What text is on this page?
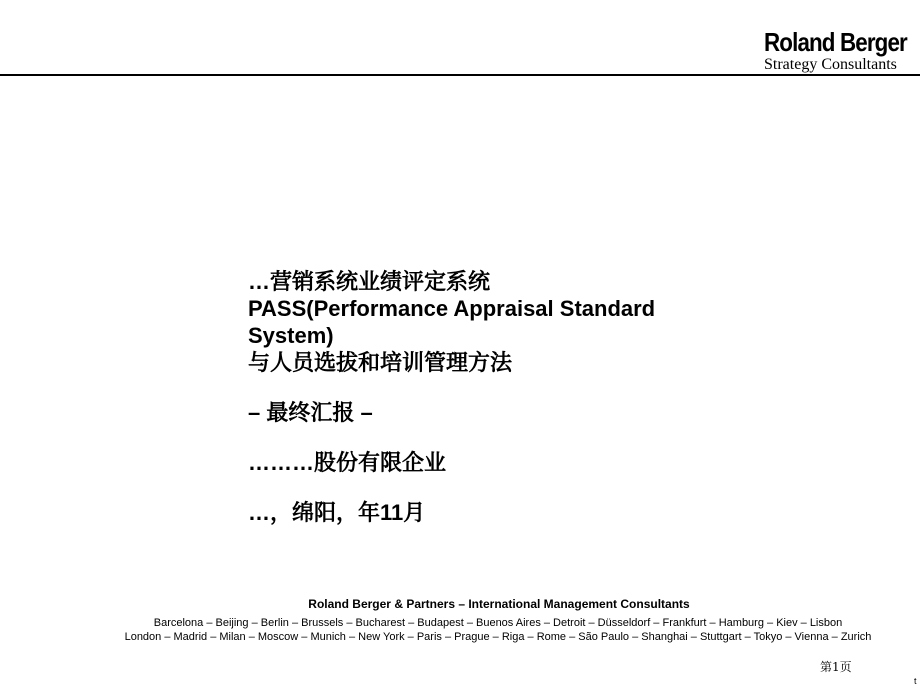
Roland Berger
Strategy Consultants
…营销系统业绩评定系统
PASS(Performance Appraisal Standard
System)
与人员选拔和培训管理方法
– 最终汇报 –
………股份有限企业
…，绵阳，年11月
Roland Berger & Partners – International Management Consultants
Barcelona – Beijing – Berlin – Brussels – Bucharest – Budapest – Buenos Aires – Detroit – Düsseldorf – Frankfurt – Hamburg – Kiev – Lisbon
London – Madrid – Milan – Moscow – Munich – New York – Paris – Prague – Riga – Rome – São Paulo – Shanghai – Stuttgart – Tokyo – Vienna – Zurich
第1页
t
